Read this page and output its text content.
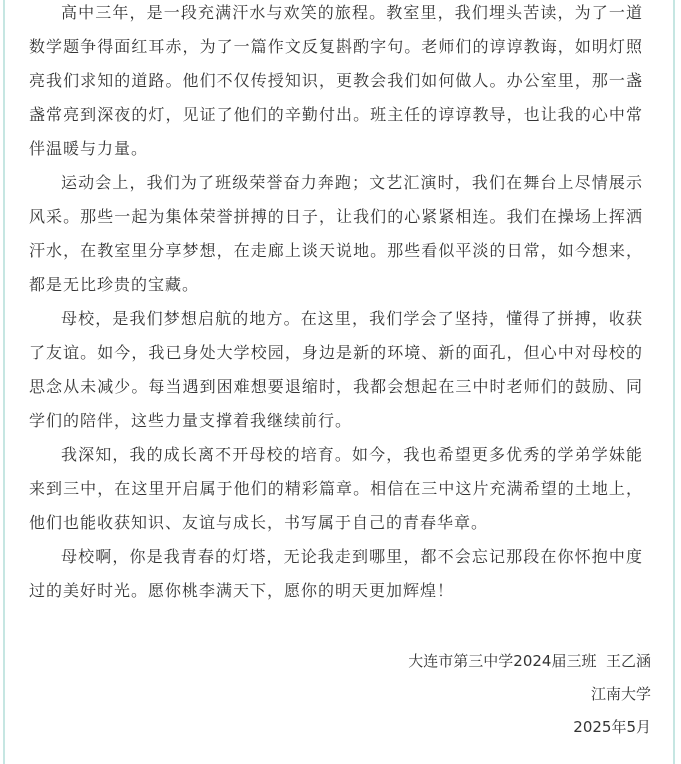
高中三年，是一段充满汗水与欢笑的旅程。教室里，我们埋头苦读，为了一道数学题争得面红耳赤，为了一篇作文反复斟酌字句。老师们的谆谆教诲，如明灯照亮我们求知的道路。他们不仅传授知识，更教会我们如何做人。办公室里，那一盏盏常亮到深夜的灯，见证了他们的辛勤付出。班主任的谆谆教导，也让我的心中常伴温暖与力量。

运动会上，我们为了班级荣誉奋力奔跑；文艺汇演时，我们在舞台上尽情展示风采。那些一起为集体荣誉拼搏的日子，让我们的心紧紧相连。我们在操场上挥洒汗水，在教室里分享梦想，在走廊上谈天说地。那些看似平淡的日常，如今想来，都是无比珍贵的宝藏。

母校，是我们梦想启航的地方。在这里，我们学会了坚持，懂得了拼搏，收获了友谊。如今，我已身处大学校园，身边是新的环境、新的面孔，但心中对母校的思念从未减少。每当遇到困难想要退缩时，我都会想起在三中时老师们的鼓励、同学们的陪伴，这些力量支撑着我继续前行。

我深知，我的成长离不开母校的培育。如今，我也希望更多优秀的学弟学妹能来到三中，在这里开启属于他们的精彩篇章。相信在三中这片充满希望的土地上，他们也能收获知识、友谊与成长，书写属于自己的青春华章。

母校啊，你是我青春的灯塔，无论我走到哪里，都不会忘记那段在你怀抱中度过的美好时光。愿你桃李满天下，愿你的明天更加辉煌！

大连市第三中学2024届三班  王乙涵
江南大学
2025年5月
